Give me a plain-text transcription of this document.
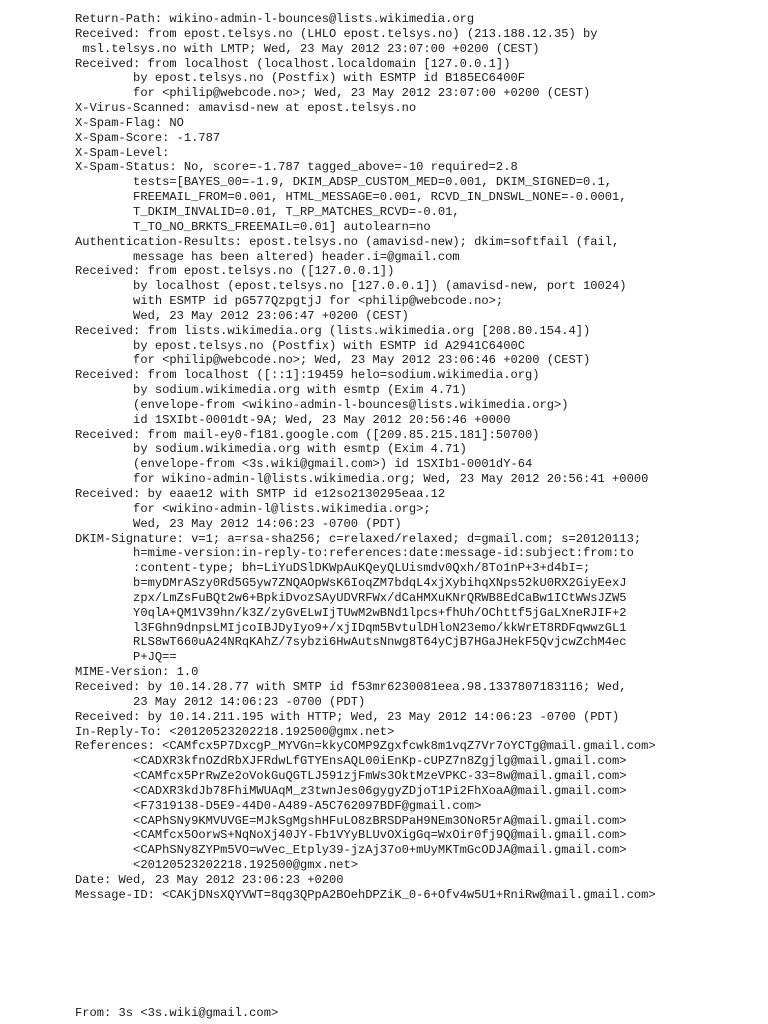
Return-Path: wikino-admin-l-bounces@lists.wikimedia.org
Received: from epost.telsys.no (LHLO epost.telsys.no) (213.188.12.35) by
msl.telsys.no with LMTP; Wed, 23 May 2012 23:07:00 +0200 (CEST)
Received: from localhost (localhost.localdomain [127.0.0.1])
by epost.telsys.no (Postfix) with ESMTP id B185EC6400F
for <philip@webcode.no>; Wed, 23 May 2012 23:07:00 +0200 (CEST)
X-Virus-Scanned: amavisd-new at epost.telsys.no
X-Spam-Flag: NO
X-Spam-Score: -1.787
X-Spam-Level:
X-Spam-Status: No, score=-1.787 tagged_above=-10 required=2.8
tests=[BAYES_00=-1.9, DKIM_ADSP_CUSTOM_MED=0.001, DKIM_SIGNED=0.1,
FREEMAIL_FROM=0.001, HTML_MESSAGE=0.001, RCVD_IN_DNSWL_NONE=-0.0001,
T_DKIM_INVALID=0.01, T_RP_MATCHES_RCVD=-0.01,
T_TO_NO_BRKTS_FREEMAIL=0.01] autolearn=no
Authentication-Results: epost.telsys.no (amavisd-new); dkim=softfail (fail,
message has been altered) header.i=@gmail.com
Received: from epost.telsys.no ([127.0.0.1])
by localhost (epost.telsys.no [127.0.0.1]) (amavisd-new, port 10024)
with ESMTP id pG577QzpgtjJ for <philip@webcode.no>;
Wed, 23 May 2012 23:06:47 +0200 (CEST)
Received: from lists.wikimedia.org (lists.wikimedia.org [208.80.154.4])
by epost.telsys.no (Postfix) with ESMTP id A2941C6400C
for <philip@webcode.no>; Wed, 23 May 2012 23:06:46 +0200 (CEST)
Received: from localhost ([::1]:19459 helo=sodium.wikimedia.org)
by sodium.wikimedia.org with esmtp (Exim 4.71)
(envelope-from <wikino-admin-l-bounces@lists.wikimedia.org>)
id 1SXIbt-0001dt-9A; Wed, 23 May 2012 20:56:46 +0000
Received: from mail-ey0-f181.google.com ([209.85.215.181]:50700)
by sodium.wikimedia.org with esmtp (Exim 4.71)
(envelope-from <3s.wiki@gmail.com>) id 1SXIb1-0001dY-64
for wikino-admin-l@lists.wikimedia.org; Wed, 23 May 2012 20:56:41 +0000
Received: by eaae12 with SMTP id e12so2130295eaa.12
for <wikino-admin-l@lists.wikimedia.org>;
Wed, 23 May 2012 14:06:23 -0700 (PDT)
DKIM-Signature: v=1; a=rsa-sha256; c=relaxed/relaxed; d=gmail.com; s=20120113;
h=mime-version:in-reply-to:references:date:message-id:subject:from:to
:content-type; bh=LiYuDSlDKWpAuKQeyQLUismdv0Qxh/8To1nP+3+d4bI=;
b=myDMrASzy0Rd5G5yw7ZNQAOpWsK6IoqZM7bdqL4xjXybihqXNps52kU0RX2GiyEexJ
zpx/LmZsFuBQt2w6+BpkiDvozSAyUDVRFWx/dCaHMXuKNrQRWB8EdCaBw1ICtWWsJZW5
Y0qlA+QM1V39hn/k3Z/zyGvELwIjTUwM2wBNd1lpcs+fhUh/OChttf5jGaLXneRJIF+2
l3FGhn9dnpsLMIjcoIBJDyIyo9+/xjIDqm5BvtulDHloN23emo/kkWrET8RDFqwwzGL1
RLS8wT660uA24NRqKAhZ/7sybzi6HwAutsNnwg8T64yCjB7HGaJHekF5QvjcwZchM4ec
P+JQ==
MIME-Version: 1.0
Received: by 10.14.28.77 with SMTP id f53mr6230081eea.98.1337807183116; Wed,
23 May 2012 14:06:23 -0700 (PDT)
Received: by 10.14.211.195 with HTTP; Wed, 23 May 2012 14:06:23 -0700 (PDT)
In-Reply-To: <20120523202218.192500@gmx.net>
References: <CAMfcx5P7DxcgP_MYVGn=kkyCOMP9Zgxfcwk8m1vqZ7Vr7oYCTg@mail.gmail.com>
<CADXR3kfnOZdRbXJFRdwLfGTYEnsAQL00iEnKp-cUPZ7n8Zgjlg@mail.gmail.com>
<CAMfcx5PrRwZe2oVokGuQGTLJ591zjFmWs3OktMzeVPKC-33=8w@mail.gmail.com>
<CADXR3kdJb78FhiMWUAqM_z3twnJes06gygyZDjoT1Pi2FhXoaA@mail.gmail.com>
<F7319138-D5E9-44D0-A489-A5C762097BDF@gmail.com>
<CAPhSNy9KMVUVGE=MJkSgMgshHFuLO8zBRSDPaH9NEm3ONoR5rA@mail.gmail.com>
<CAMfcx5OorwS+NqNoXj40JY-Fb1VYyBLUvOXigGq=WxOir0fj9Q@mail.gmail.com>
<CAPhSNy8ZYPm5VO=wVec_Etply39-jzAj37o0+mUyMKTmGcODJA@mail.gmail.com>
<20120523202218.192500@gmx.net>
Date: Wed, 23 May 2012 23:06:23 +0200
Message-ID: <CAKjDNsXQYVWT=8qg3QPpA2BOehDPZiK_0-6+Ofv4w5U1+RniRw@mail.gmail.com>
From: 3s <3s.wiki@gmail.com>
